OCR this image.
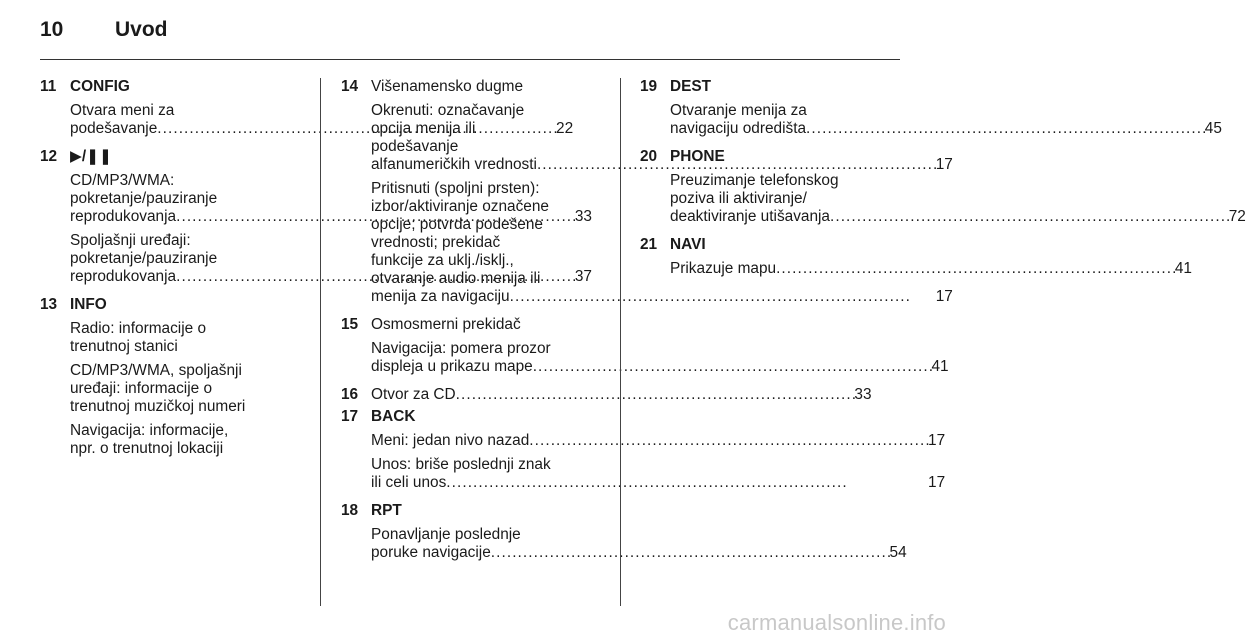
10	Uvod
11 CONFIG
Otvara meni za
podešavanje . . .	22
12 ▶/❚❚
CD/MP3/WMA:
pokretanje/pauziranje
reprodukovanja . . .	33
Spoljašnji uređaji:
pokretanje/pauziranje
reprodukovanja . . .	37
13 INFO
Radio: informacije o
trenutnoj stanici
CD/MP3/WMA, spoljašnji
uređaji: informacije o
trenutnoj muzičkoj numeri
Navigacija: informacije,
npr. o trenutnoj lokaciji
14 Višenamensko dugme
Okrenuti: označavanje
opcija menija ili
podešavanje
alfanumeričkih vrednosti . . .	17
Pritisnuti (spoljni prsten):
izbor/aktiviranje označene
opcije; potvrda podešene
vrednosti; prekidač
funkcije za uklj./isklj.,
otvaranje audio menija ili
menija za navigaciju . . .	17
15 Osmosmerni prekidač
Navigacija: pomera prozor
displeja u prikazu mape . . .	41
16 Otvor za CD . . .	33
17 BACK
Meni: jedan nivo nazad . . .	17
Unos: briše poslednji znak
ili celi unos . . .	17
18 RPT
Ponavljanje poslednje
poruke navigacije . . .	54
19 DEST
Otvaranje menija za
navigaciju odredišta . . .	45
20 PHONE
Preuzimanje telefonskog
poziva ili aktiviranje/
deaktiviranje utišavanja . . .	72
21 NAVI
Prikazuje mapu . . .	41
carmanualsonline.info
